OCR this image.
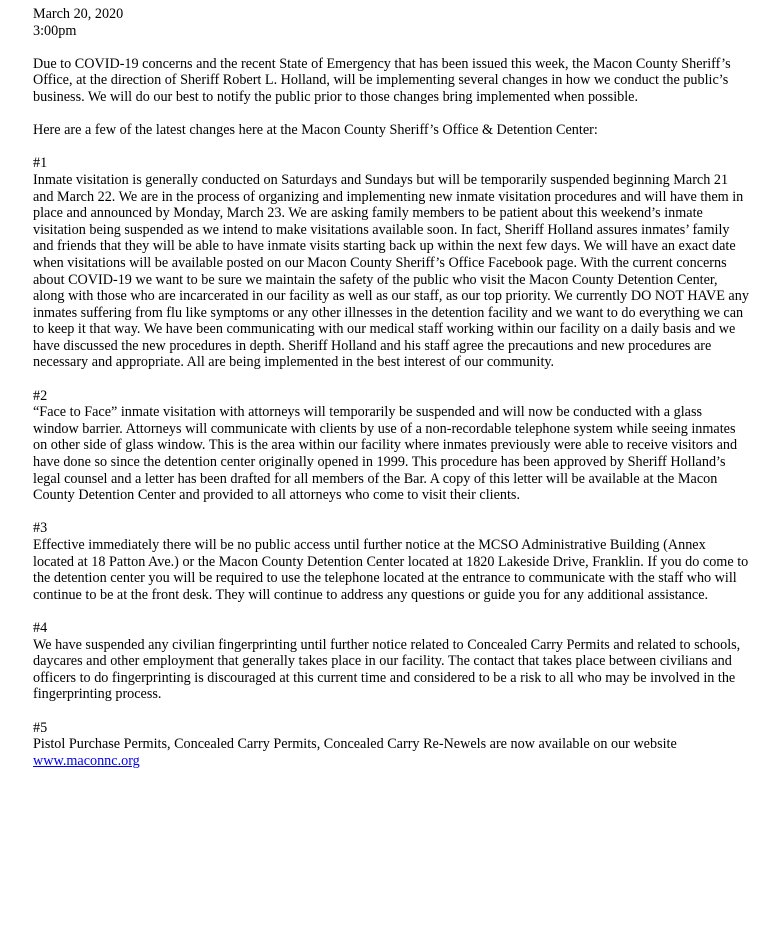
March 20, 2020
3:00pm

Due to COVID-19 concerns and the recent State of Emergency that has been issued this week, the Macon County Sheriff’s Office, at the direction of Sheriff Robert L. Holland, will be implementing several changes in how we conduct the public’s business. We will do our best to notify the public prior to those changes bring implemented when possible.

Here are a few of the latest changes here at the Macon County Sheriff’s Office & Detention Center:

#1

Inmate visitation is generally conducted on Saturdays and Sundays but will be temporarily suspended beginning March 21 and March 22. We are in the process of organizing and implementing new inmate visitation procedures and will have them in place and announced by Monday, March 23. We are asking family members to be patient about this weekend’s inmate visitation being suspended as we intend to make visitations available soon. In fact, Sheriff Holland assures inmates’ family and friends that they will be able to have inmate visits starting back up within the next few days. We will have an exact date when visitations will be available posted on our Macon County Sheriff’s Office Facebook page. With the current concerns about COVID-19 we want to be sure we maintain the safety of the public who visit the Macon County Detention Center, along with those who are incarcerated in our facility as well as our staff, as our top priority. We currently DO NOT HAVE any inmates suffering from flu like symptoms or any other illnesses in the detention facility and we want to do everything we can to keep it that way. We have been communicating with our medical staff working within our facility on a daily basis and we have discussed the new procedures in depth. Sheriff Holland and his staff agree the precautions and new procedures are necessary and appropriate. All are being implemented in the best interest of our community.

#2

“Face to Face” inmate visitation with attorneys will temporarily be suspended and will now be conducted with a glass window barrier. Attorneys will communicate with clients by use of a non-recordable telephone system while seeing inmates on other side of glass window. This is the area within our facility where inmates previously were able to receive visitors and have done so since the detention center originally opened in 1999. This procedure has been approved by Sheriff Holland’s legal counsel and a letter has been drafted for all members of the Bar. A copy of this letter will be available at the Macon County Detention Center and provided to all attorneys who come to visit their clients.

#3

Effective immediately there will be no public access until further notice at the MCSO Administrative Building (Annex located at 18 Patton Ave.) or the Macon County Detention Center located at 1820 Lakeside Drive, Franklin. If you do come to the detention center you will be required to use the telephone located at the entrance to communicate with the staff who will continue to be at the front desk. They will continue to address any questions or guide you for any additional assistance.

#4

We have suspended any civilian fingerprinting until further notice related to Concealed Carry Permits and related to schools, daycares and other employment that generally takes place in our facility. The contact that takes place between civilians and officers to do fingerprinting is discouraged at this current time and considered to be a risk to all who may be involved in the fingerprinting process.

#5

Pistol Purchase Permits, Concealed Carry Permits, Concealed Carry Re-Newels are now available on our website www.maconnc.org
